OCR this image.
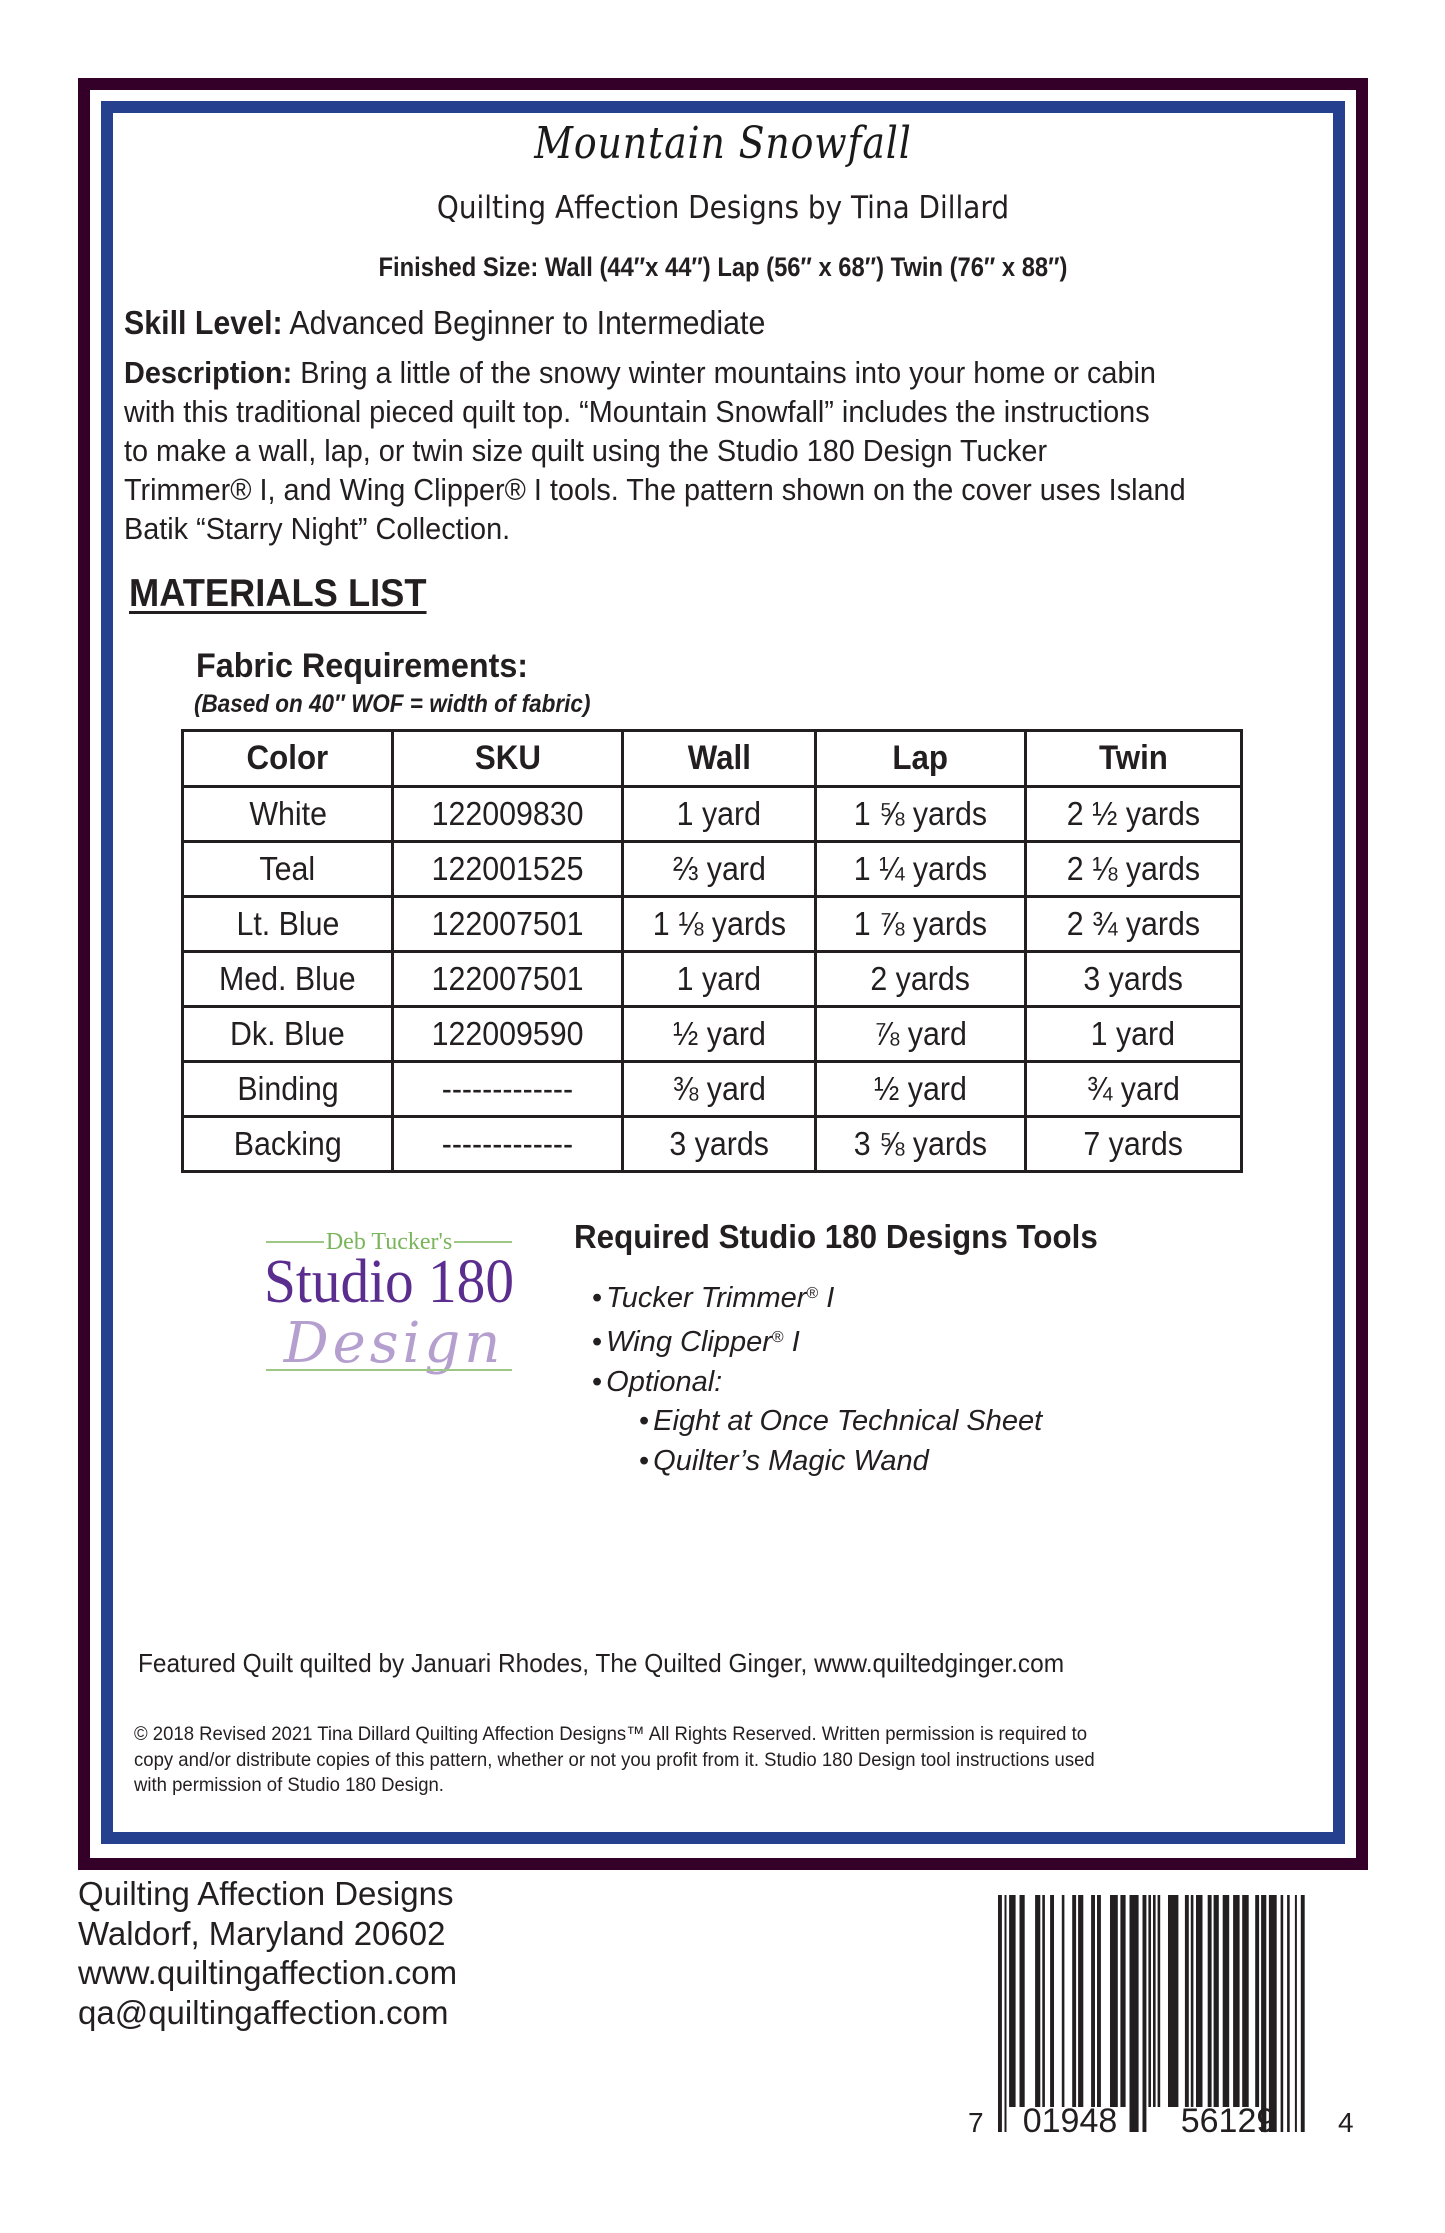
Mountain Snowfall
Quilting Affection Designs by Tina Dillard
Finished Size: Wall (44″x 44″) Lap (56″ x 68″) Twin (76″ x 88″)
Skill Level: Advanced Beginner to Intermediate
Description: Bring a little of the snowy winter mountains into your home or cabin
with this traditional pieced quilt top. “Mountain Snowfall” includes the instructions
to make a wall, lap, or twin size quilt using the Studio 180 Design Tucker
Trimmer® I, and Wing Clipper® I tools. The pattern shown on the cover uses Island
Batik “Starry Night” Collection.
MATERIALS LIST
Fabric Requirements:
(Based on 40″ WOF = width of fabric)
Color	SKU	Wall	Lap	Twin
White	122009830	1 yard	1 ⅝ yards	2 ½ yards
Teal	122001525	⅔ yard	1 ¼ yards	2 ⅛ yards
Lt. Blue	122007501	1 ⅛ yards	1 ⅞ yards	2 ¾ yards
Med. Blue	122007501	1 yard	2 yards	3 yards
Dk. Blue	122009590	½ yard	⅞ yard	1 yard
Binding	-------------	⅜ yard	½ yard	¾ yard
Backing	-------------	3 yards	3 ⅝ yards	7 yards
Deb Tucker's
Studio 180
Design
Required Studio 180 Designs Tools
• Tucker Trimmer® I
• Wing Clipper® I
• Optional:
• Eight at Once Technical Sheet
• Quilter’s Magic Wand
Featured Quilt quilted by Januari Rhodes, The Quilted Ginger, www.quiltedginger.com
© 2018 Revised 2021 Tina Dillard Quilting Affection Designs™ All Rights Reserved. Written permission is required to
copy and/or distribute copies of this pattern, whether or not you profit from it. Studio 180 Design tool instructions used
with permission of Studio 180 Design.
Quilting Affection Designs
Waldorf, Maryland 20602
www.quiltingaffection.com
qa@quiltingaffection.com
7 01948 56129 4
